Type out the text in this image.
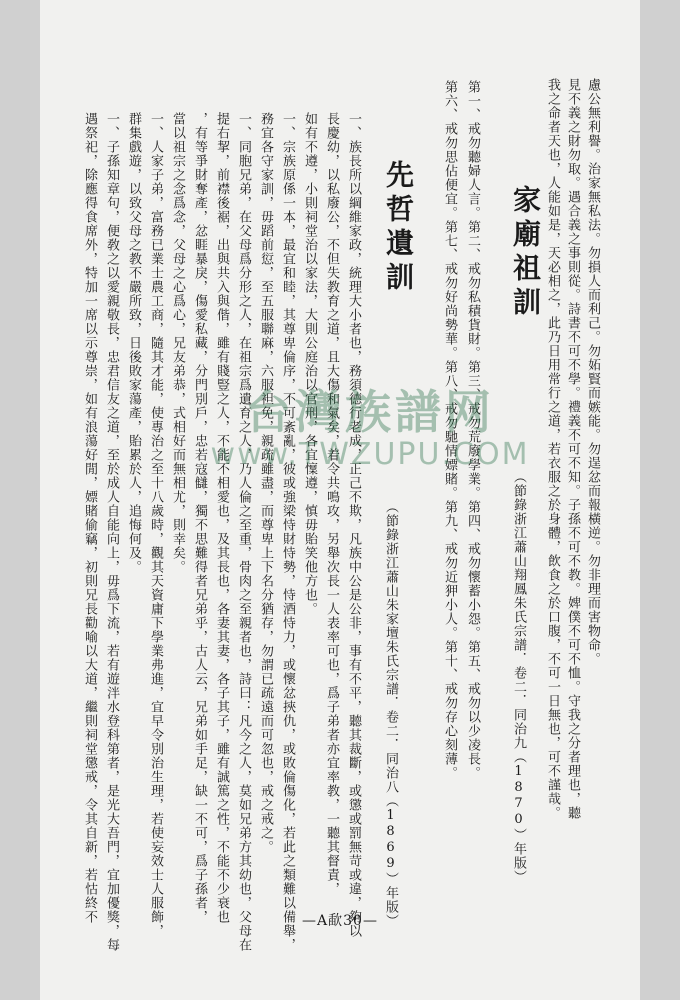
慮公無利譽。治家無私法。勿損人而利己。勿妬賢而嫉能。勿逞忿而報橫逆。勿非理而害物命。
見不義之財勿取。遇合義之事則從。詩書不可不學。禮義不可不知。子孫不可不教。婢僕不可不恤。守我之分者理也，聽
我之命者天也，人能如是，天必相之，此乃日用常行之道，若衣服之於身體，飲食之於口腹，不可一日無也，可不謹哉。
（節錄浙江蕭山翔鳳朱氏宗譜．卷二．同治九（1870）年版）
家廟祖訓
第一、戒勿聽婦人言。第二、戒勿私積貨財。第三、戒勿荒廢學業。第四、戒勿懷蓄小怨。第五、戒勿以少凌長。
第六、戒勿思佔便宜。第七、戒勿好尚勢華。第八、戒勿馳情嫖賭。第九、戒勿近狎小人。第十、戒勿存心刻薄。
先哲遺訓
（節錄浙江蕭山朱家壇朱氏宗譜．卷二．同治八（1869）年版）
一、族長所以綱維家政，統理大小者也，務須德行老成，正己不欺，凡族中公是公非，事有不平，聽其裁斷，或懲或罰無苛或違，夠以
長慶幼，以私廢公，不但失教育之道，且大傷和氣矣，着令共鳴攻，另舉次長一人表率可也，爲子弟者亦宜率教，一聽其督責，
如有不遵，小則祠堂治以家法，大則公庭治以官刑，各宜懍遵，慎毋貽笑他方也。
一、宗族原係一本，最宜和睦，其尊卑倫序，不可紊亂，彼或強梁恃財恃勢，恃酒恃力，或懷忿挾仇，或敗倫傷化，若此之類難以備舉，
務宜各守家訓，毋蹈前愆，至五服聯麻，六服袒免，親疏雖盡，而尊卑上下名分猶存，勿謂已疏遠而可忽也，戒之戒之。
一、同胞兄弟，在父母爲分形之人，在祖宗爲遺育之人，乃人倫之至重，骨肉之至親者也，詩曰：凡今之人，莫如兄弟方其幼也，父母在
提右挈，前襟後裾，出與共入與偕，雖有賤豎之人，不能不相愛也，及其長也，各妻其妻，各子其子，雖有誠篤之性，不能不少衰也
，有等爭財奪產，忿睚暴戾，傷愛私藏，分門別戶，忠若寇讎，獨不思難得者兄弟乎，古人云，兄弟如手足，缺一不可，爲子孫者，
當以祖宗之念爲念，父母之心爲心，兄友弟恭，式相好而無相尤，則幸矣。
一、人家子弟，富務已業士農工商，隨其才能，使專治之至十八歲時，觀其天資庸下學業弗進，宜早令別治生理，若使妄效士人服飾，
群集戲遊，以致父母之教不嚴所致，日後敗家蕩產，貽累於人，追悔何及。
一、子孫知章句，便敎之以愛親敬長，忠君信友之道，至於成人自能向上，毋爲下流，若有遊泮水登科第者，是光大吾門，宜加優獎，每
遇祭祀，除應得食席外，特加一席以示尊崇，如有浪蕩好閒，嫖賭偷竊，初則兄長勸喻以大道，繼則祠堂懲戒，令其自新，若怙終不	台灣族譜网
www.TWZUPU.COM
—A歃30—
